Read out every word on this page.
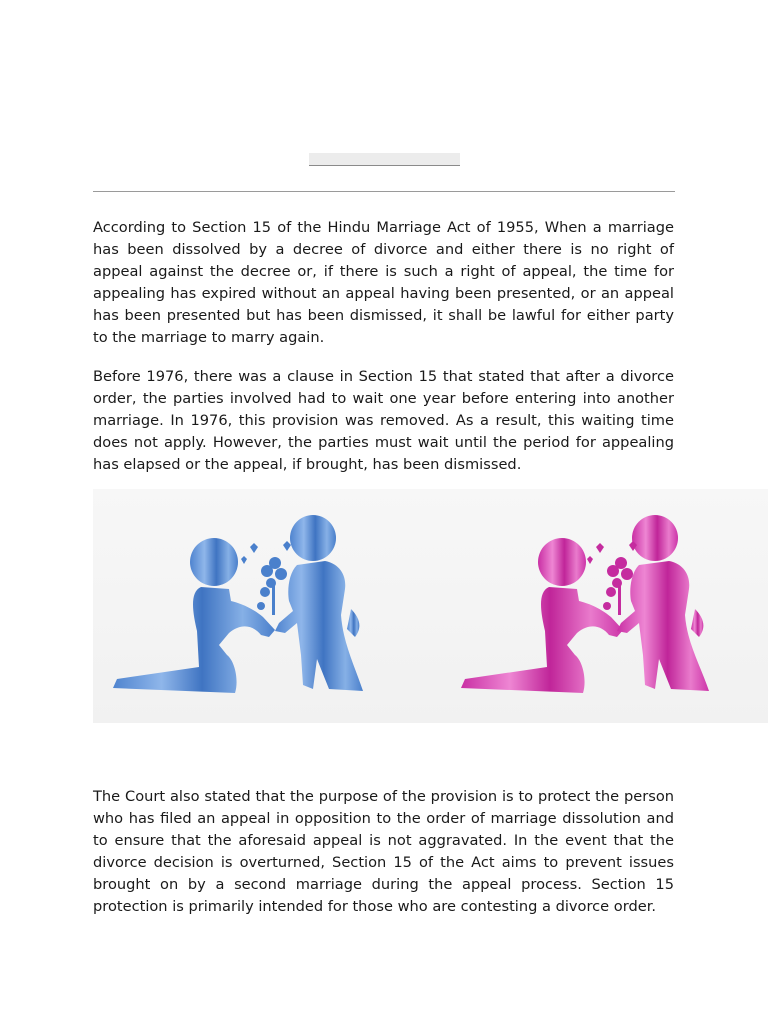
According to Section 15 of the Hindu Marriage Act of 1955, When a marriage has been dissolved by a decree of divorce and either there is no right of appeal against the decree or, if there is such a right of appeal, the time for appealing has expired without an appeal having been presented, or an appeal has been presented but has been dismissed, it shall be lawful for either party to the marriage to marry again.

Before 1976, there was a clause in Section 15 that stated that after a divorce order, the parties involved had to wait one year before entering into another marriage. In 1976, this provision was removed. As a result, this waiting time does not apply. However, the parties must wait until the period for appealing has elapsed or the appeal, if brought, has been dismissed.

The Court also stated that the purpose of the provision is to protect the person who has filed an appeal in opposition to the order of marriage dissolution and to ensure that the aforesaid appeal is not aggravated. In the event that the divorce decision is overturned, Section 15 of the Act aims to prevent issues brought on by a second marriage during the appeal process. Section 15 protection is primarily intended for those who are contesting a divorce order.
